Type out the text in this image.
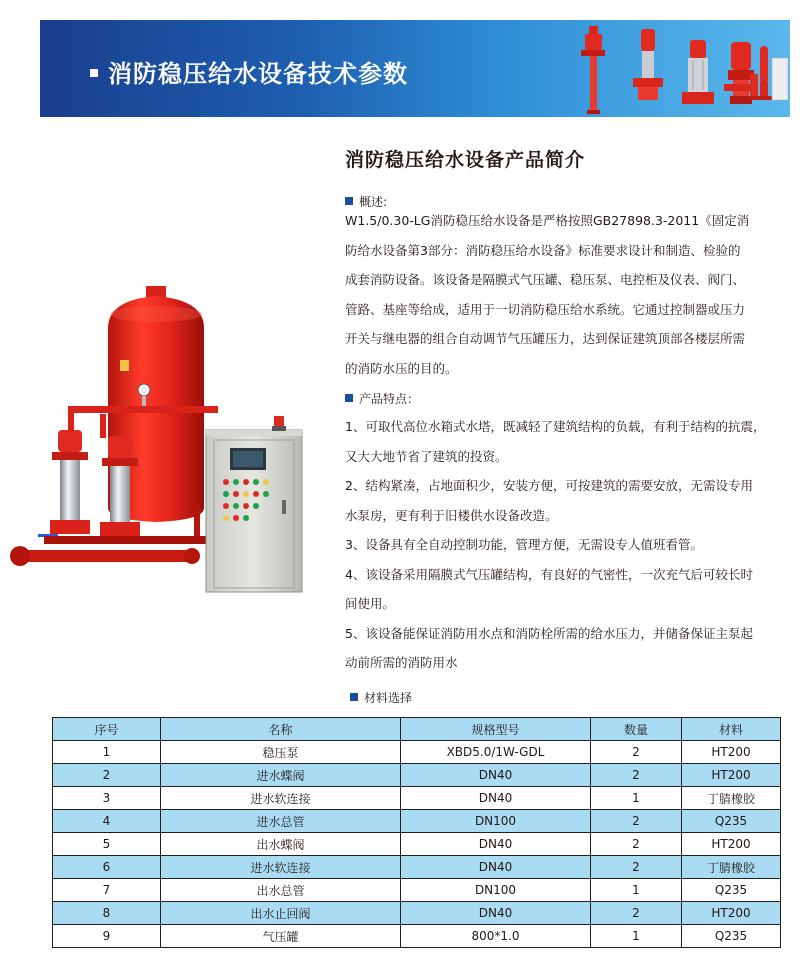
消防稳压给水设备技术参数
消防稳压给水设备产品简介
概述:

W1.5/0.30-LG消防稳压给水设备是严格按照GB27898.3-2011《固定消

防给水设备第3部分：消防稳压给水设备》标准要求设计和制造、检验的

成套消防设备。该设备是隔膜式气压罐、稳压泵、电控柜及仪表、阀门、

管路、基座等给成，适用于一切消防稳压给水系统。它通过控制器或压力

开关与继电器的组合自动调节气压罐压力，达到保证建筑顶部各楼层所需

的消防水压的目的。

产品特点：

1、可取代高位水箱式水塔，既减轻了建筑结构的负载，有利于结构的抗震，

又大大地节省了建筑的投资。

2、结构紧凑，占地面积少，安装方便，可按建筑的需要安放，无需设专用

水泵房，更有利于旧楼供水设备改造。

3、设备具有全自动控制功能，管理方便，无需设专人值班看管。

4、该设备采用隔膜式气压罐结构，有良好的气密性，一次充气后可较长时

间使用。

5、该设备能保证消防用水点和消防栓所需的给水压力，并储备保证主泵起

动前所需的消防用水

材料选择
序号	名称	规格型号	数量	材料
1	稳压泵	XBD5.0/1W-GDL	2	HT200
2	进水蝶阀	DN40	2	HT200
3	进水软连接	DN40	1	丁腈橡胶
4	进水总管	DN100	2	Q235
5	出水蝶阀	DN40	2	HT200
6	进水软连接	DN40	2	丁腈橡胶
7	出水总管	DN100	1	Q235
8	出水止回阀	DN40	2	HT200
9	气压罐	800*1.0	1	Q235
